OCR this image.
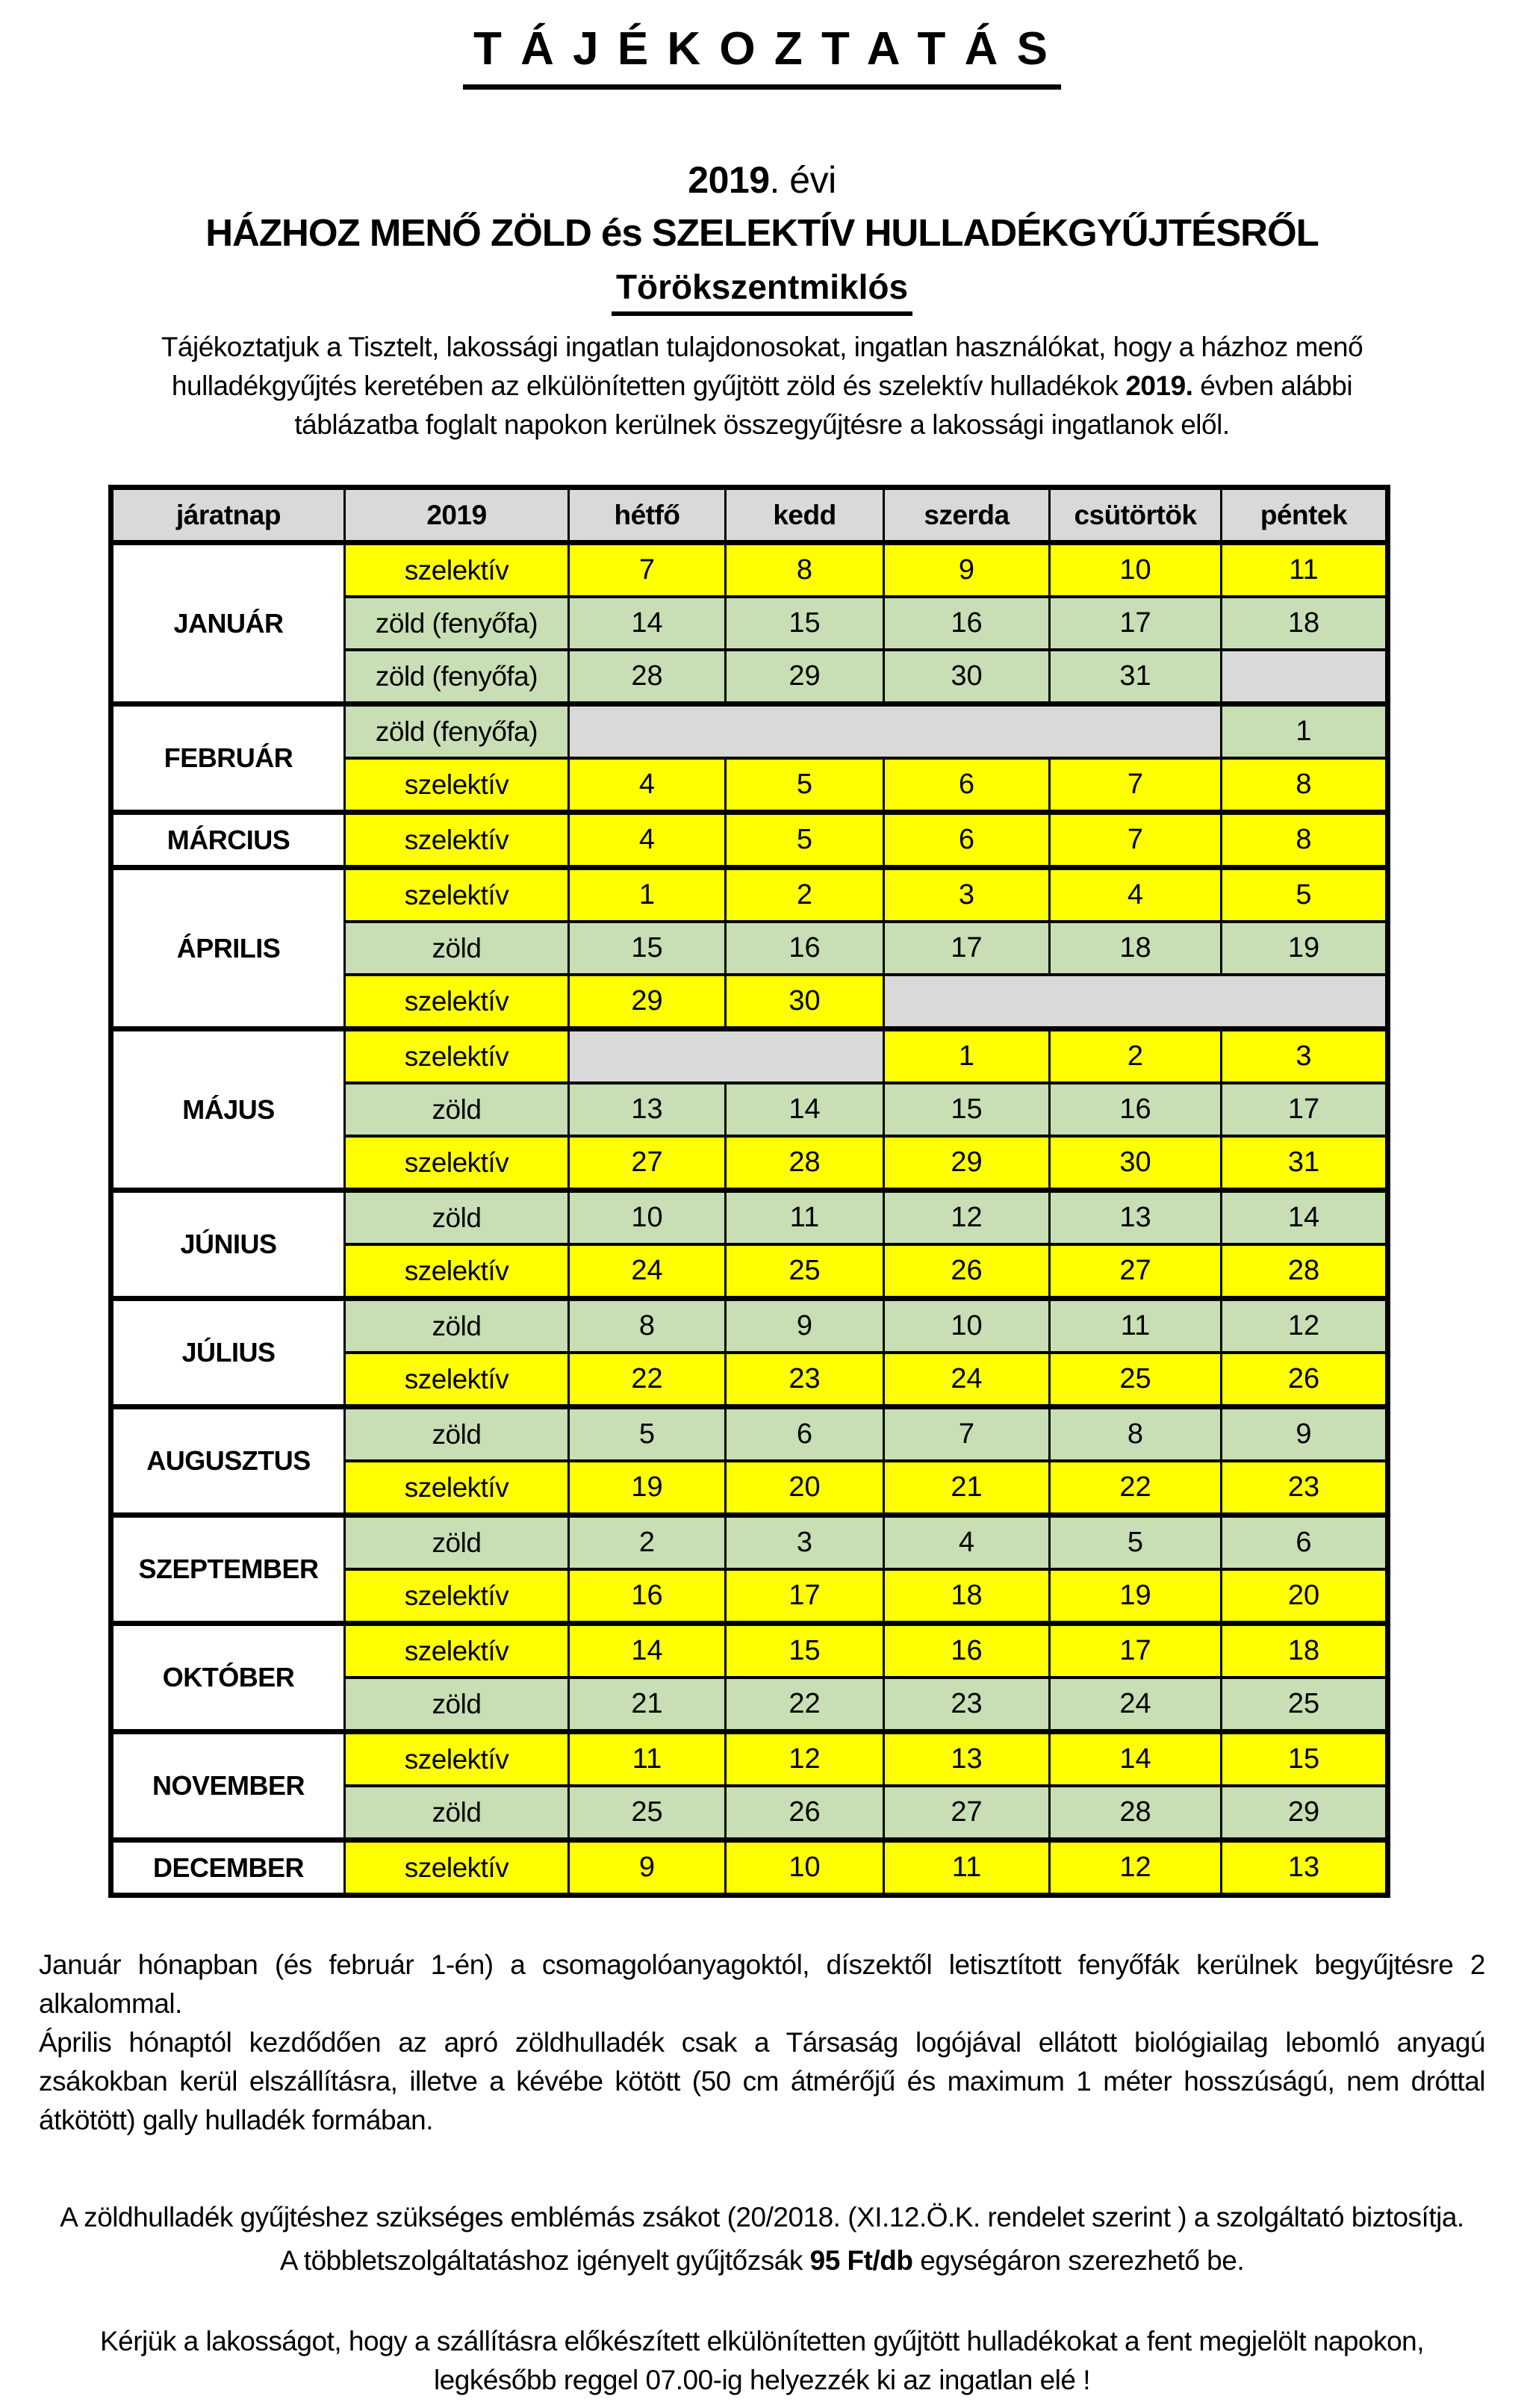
T Á J É K O Z T A T Á S
2019. évi
HÁZHOZ MENŐ ZÖLD és SZELEKTÍV HULLADÉKGYŰJTÉSRŐL
Törökszentmiklós

Tájékoztatjuk a Tisztelt, lakossági ingatlan tulajdonosokat, ingatlan használókat, hogy a házhoz menő
hulladékgyűjtés keretében az elkülönítetten gyűjtött zöld és szelektív hulladékok 2019. évben alábbi
táblázatba foglalt napokon kerülnek összegyűjtésre a lakossági ingatlanok elől.

járatnap	2019	hétfő	kedd	szerda	csütörtök	péntek
JANUÁR	szelektív	7	8	9	10	11
	zöld (fenyőfa)	14	15	16	17	18
	zöld (fenyőfa)	28	29	30	31	
FEBRUÁR	zöld (fenyőfa)					1
	szelektív	4	5	6	7	8
MÁRCIUS	szelektív	4	5	6	7	8
ÁPRILIS	szelektív	1	2	3	4	5
	zöld	15	16	17	18	19
	szelektív	29	30			
MÁJUS	szelektív			1	2	3
	zöld	13	14	15	16	17
	szelektív	27	28	29	30	31
JÚNIUS	zöld	10	11	12	13	14
	szelektív	24	25	26	27	28
JÚLIUS	zöld	8	9	10	11	12
	szelektív	22	23	24	25	26
AUGUSZTUS	zöld	5	6	7	8	9
	szelektív	19	20	21	22	23
SZEPTEMBER	zöld	2	3	4	5	6
	szelektív	16	17	18	19	20
OKTÓBER	szelektív	14	15	16	17	18
	zöld	21	22	23	24	25
NOVEMBER	szelektív	11	12	13	14	15
	zöld	25	26	27	28	29
DECEMBER	szelektív	9	10	11	12	13

Január hónapban (és február 1-én) a csomagolóanyagoktól, díszektől letisztított fenyőfák kerülnek begyűjtésre 2 alkalommal.

Április hónaptól kezdődően az apró zöldhulladék csak a Társaság logójával ellátott biológiailag lebomló anyagú zsákokban kerül elszállításra, illetve a kévébe kötött (50 cm átmérőjű és maximum 1 méter hosszúságú, nem dróttal átkötött) gally hulladék formában.

A zöldhulladék gyűjtéshez szükséges emblémás zsákot (20/2018. (XI.12.Ö.K. rendelet szerint ) a szolgáltató biztosítja.

A többletszolgáltatáshoz igényelt gyűjtőzsák 95 Ft/db egységáron szerezhető be.

Kérjük a lakosságot, hogy a szállításra előkészített elkülönítetten gyűjtött hulladékokat a fent megjelölt napokon,

legkésőbb reggel 07.00-ig helyezzék ki az ingatlan elé !
